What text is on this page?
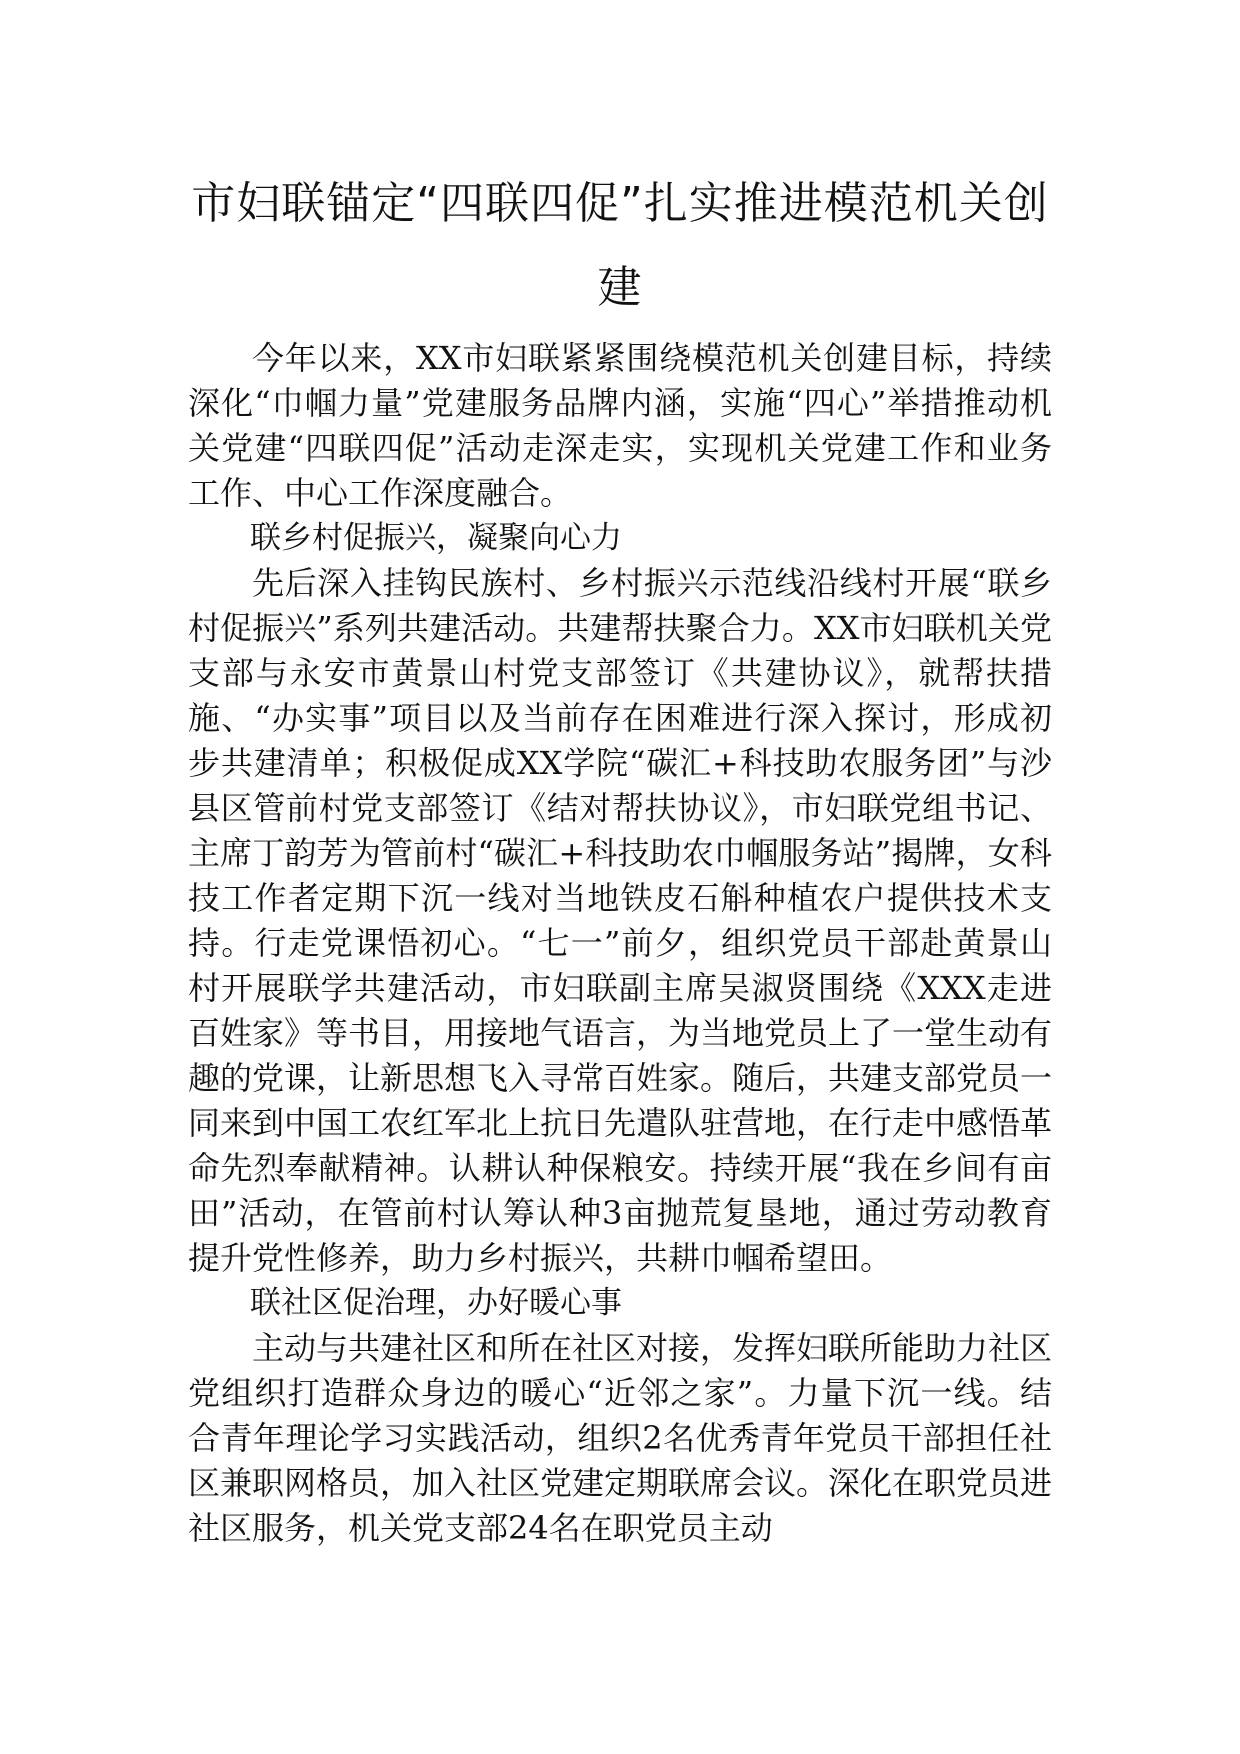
市妇联锚定“四联四促”扎实推进模范机关创建

今年以来，XX市妇联紧紧围绕模范机关创建目标，持续深化“巾帼力量”党建服务品牌内涵，实施“四心”举措推动机关党建“四联四促”活动走深走实，实现机关党建工作和业务工作、中心工作深度融合。

联乡村促振兴，凝聚向心力

先后深入挂钩民族村、乡村振兴示范线沿线村开展“联乡村促振兴”系列共建活动。共建帮扶聚合力。XX市妇联机关党支部与永安市黄景山村党支部签订《共建协议》，就帮扶措施、“办实事”项目以及当前存在困难进行深入探讨，形成初步共建清单；积极促成XX学院“碳汇+科技助农服务团”与沙县区管前村党支部签订《结对帮扶协议》，市妇联党组书记、主席丁韵芳为管前村“碳汇+科技助农巾帼服务站”揭牌，女科技工作者定期下沉一线对当地铁皮石斛种植农户提供技术支持。行走党课悟初心。“七一”前夕，组织党员干部赴黄景山村开展联学共建活动，市妇联副主席吴淑贤围绕《XXX走进百姓家》等书目，用接地气语言，为当地党员上了一堂生动有趣的党课，让新思想飞入寻常百姓家。随后，共建支部党员一同来到中国工农红军北上抗日先遣队驻营地，在行走中感悟革命先烈奉献精神。认耕认种保粮安。持续开展“我在乡间有亩田”活动，在管前村认筹认种3亩抛荒复垦地，通过劳动教育提升党性修养，助力乡村振兴，共耕巾帼希望田。

联社区促治理，办好暖心事

主动与共建社区和所在社区对接，发挥妇联所能助力社区党组织打造群众身边的暖心“近邻之家”。力量下沉一线。结合青年理论学习实践活动，组织2名优秀青年党员干部担任社区兼职网格员，加入社区党建定期联席会议。深化在职党员进社区服务，机关党支部24名在职党员主动
